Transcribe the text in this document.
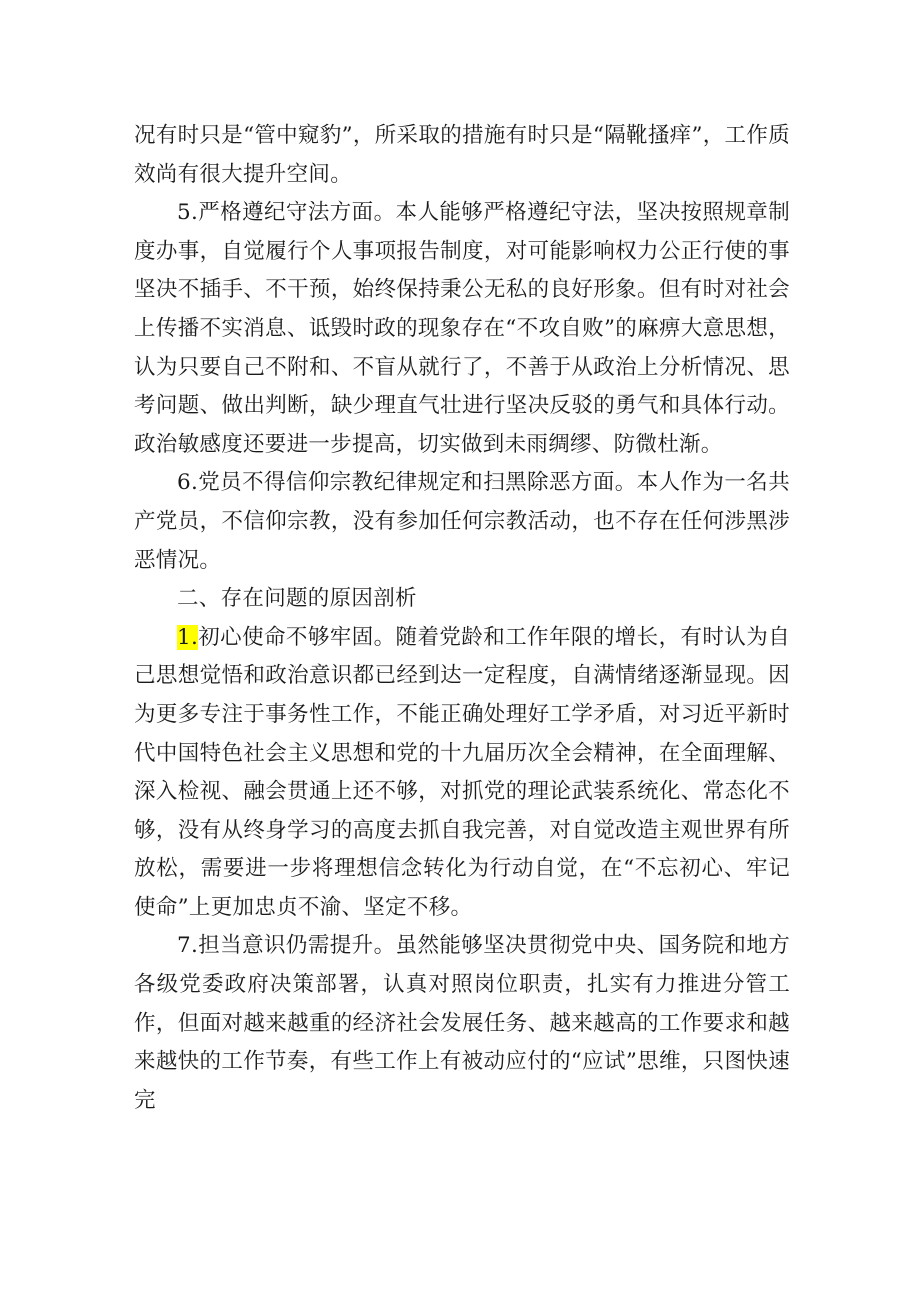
况有时只是“管中窥豹”，所采取的措施有时只是“隔靴搔痒”，工作质效尚有很大提升空间。

5.严格遵纪守法方面。本人能够严格遵纪守法，坚决按照规章制度办事，自觉履行个人事项报告制度，对可能影响权力公正行使的事坚决不插手、不干预，始终保持秉公无私的良好形象。但有时对社会上传播不实消息、诋毁时政的现象存在“不攻自败”的麻痹大意思想，认为只要自己不附和、不盲从就行了，不善于从政治上分析情况、思考问题、做出判断，缺少理直气壮进行坚决反驳的勇气和具体行动。政治敏感度还要进一步提高，切实做到未雨绸缪、防微杜渐。

6.党员不得信仰宗教纪律规定和扫黑除恶方面。本人作为一名共产党员，不信仰宗教，没有参加任何宗教活动，也不存在任何涉黑涉恶情况。

二、存在问题的原因剖析

1.初心使命不够牢固。随着党龄和工作年限的增长，有时认为自己思想觉悟和政治意识都已经到达一定程度，自满情绪逐渐显现。因为更多专注于事务性工作，不能正确处理好工学矛盾，对习近平新时代中国特色社会主义思想和党的十九届历次全会精神，在全面理解、深入检视、融会贯通上还不够，对抓党的理论武装系统化、常态化不够，没有从终身学习的高度去抓自我完善，对自觉改造主观世界有所放松，需要进一步将理想信念转化为行动自觉，在“不忘初心、牢记使命”上更加忠贞不渝、坚定不移。

7.担当意识仍需提升。虽然能够坚决贯彻党中央、国务院和地方各级党委政府决策部署，认真对照岗位职责，扎实有力推进分管工作，但面对越来越重的经济社会发展任务、越来越高的工作要求和越来越快的工作节奏，有些工作上有被动应付的“应试”思维，只图快速完
